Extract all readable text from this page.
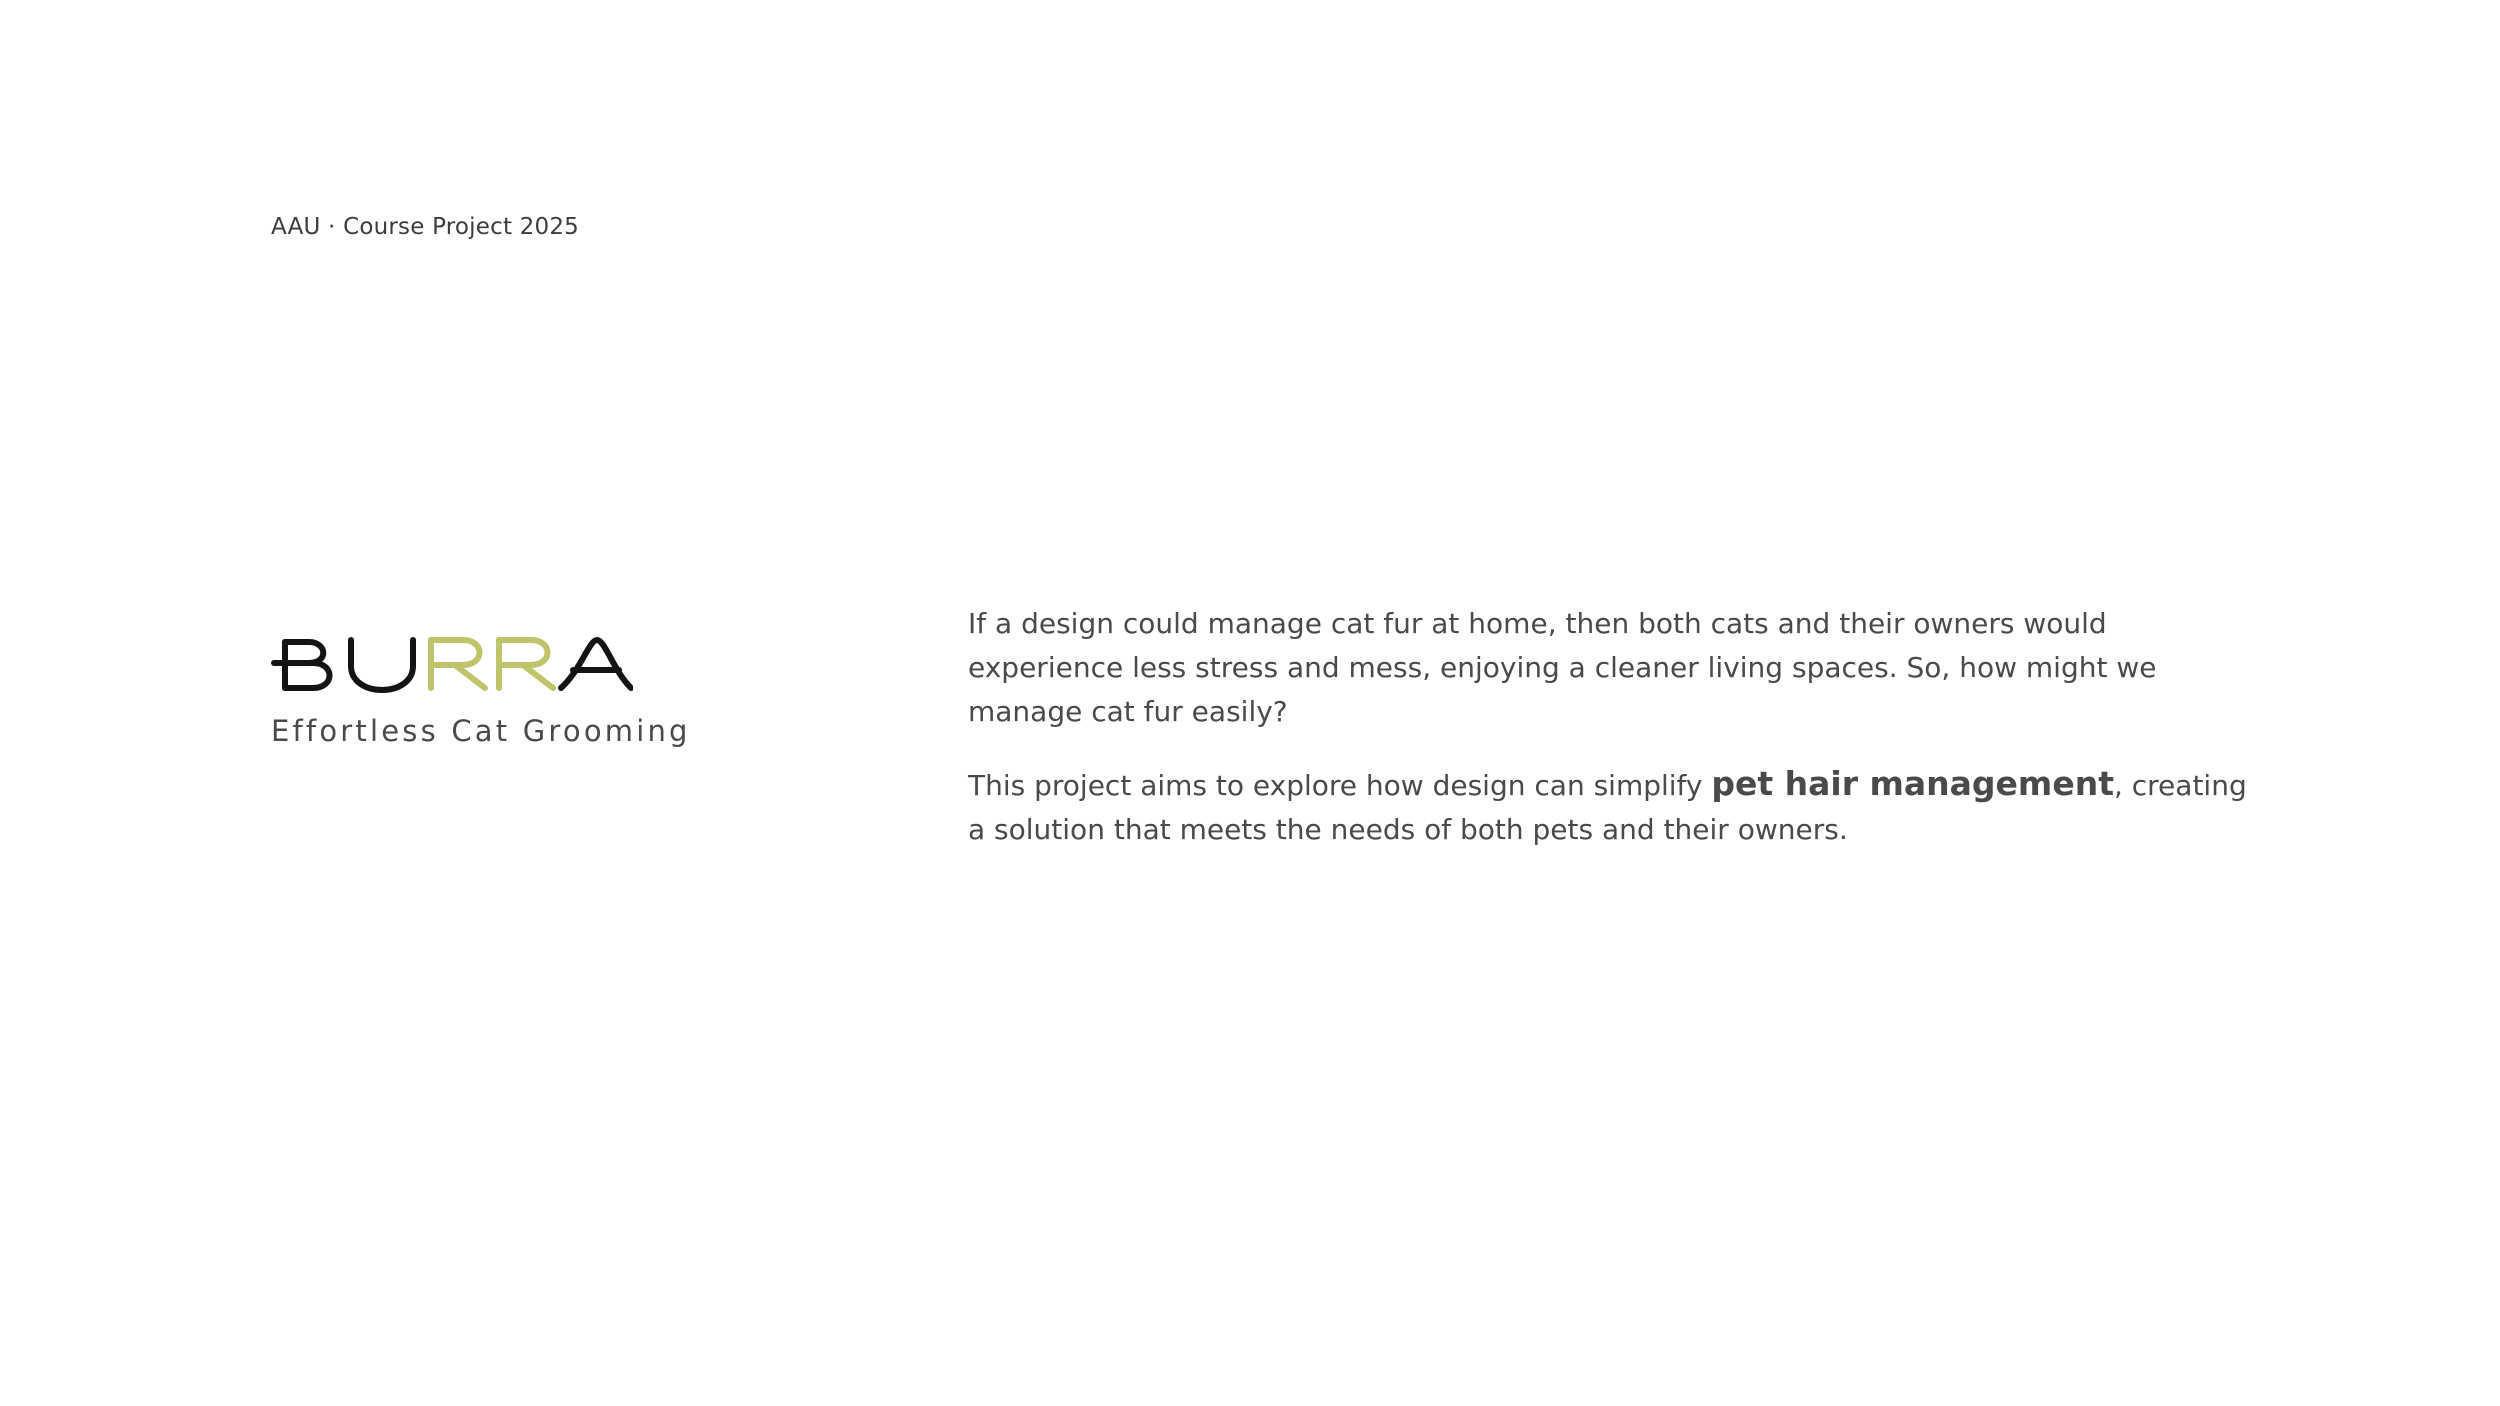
AAU · Course Project 2025
Effortless Cat Grooming

If a design could manage cat fur at home, then both cats and their owners would experience less stress and mess, enjoying a cleaner living spaces. So, how might we manage cat fur easily?

This project aims to explore how design can simplify pet hair management, creating a solution that meets the needs of both pets and their owners.
